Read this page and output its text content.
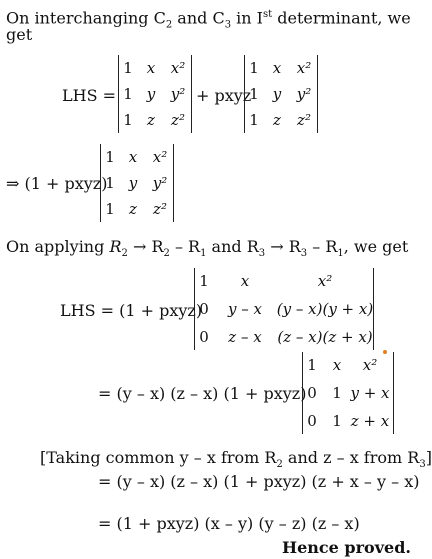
On interchanging $C_2$ and $C_3$ in Ist determinant, we
get
LHS =
1 x x²
1 y y²
1 z z²
+ pxyz
1 x x²
1 y y²
1 z z²
⇒ (1 + pxyz)
1 x x²
1 y y²
1 z z²
On applying $R_2 \to R_2 - R_1$ and $R_3 \to R_3 - R_1$, we get
LHS = (1 + pxyz)
1 x	x²
0 y – x (y – x)(y + x)
0 z – x (z – x)(z + x)
= (y – x) (z – x) (1 + pxyz)
1 x x²
0 1 y + x
0 1 z + x
[Taking common y – x from $R_2$ and z – x from $R_3$]
= (y – x) (z – x) (1 + pxyz) (z + x – y – x)
= (1 + pxyz) (x – y) (y – z) (z – x)
Hence proved.
